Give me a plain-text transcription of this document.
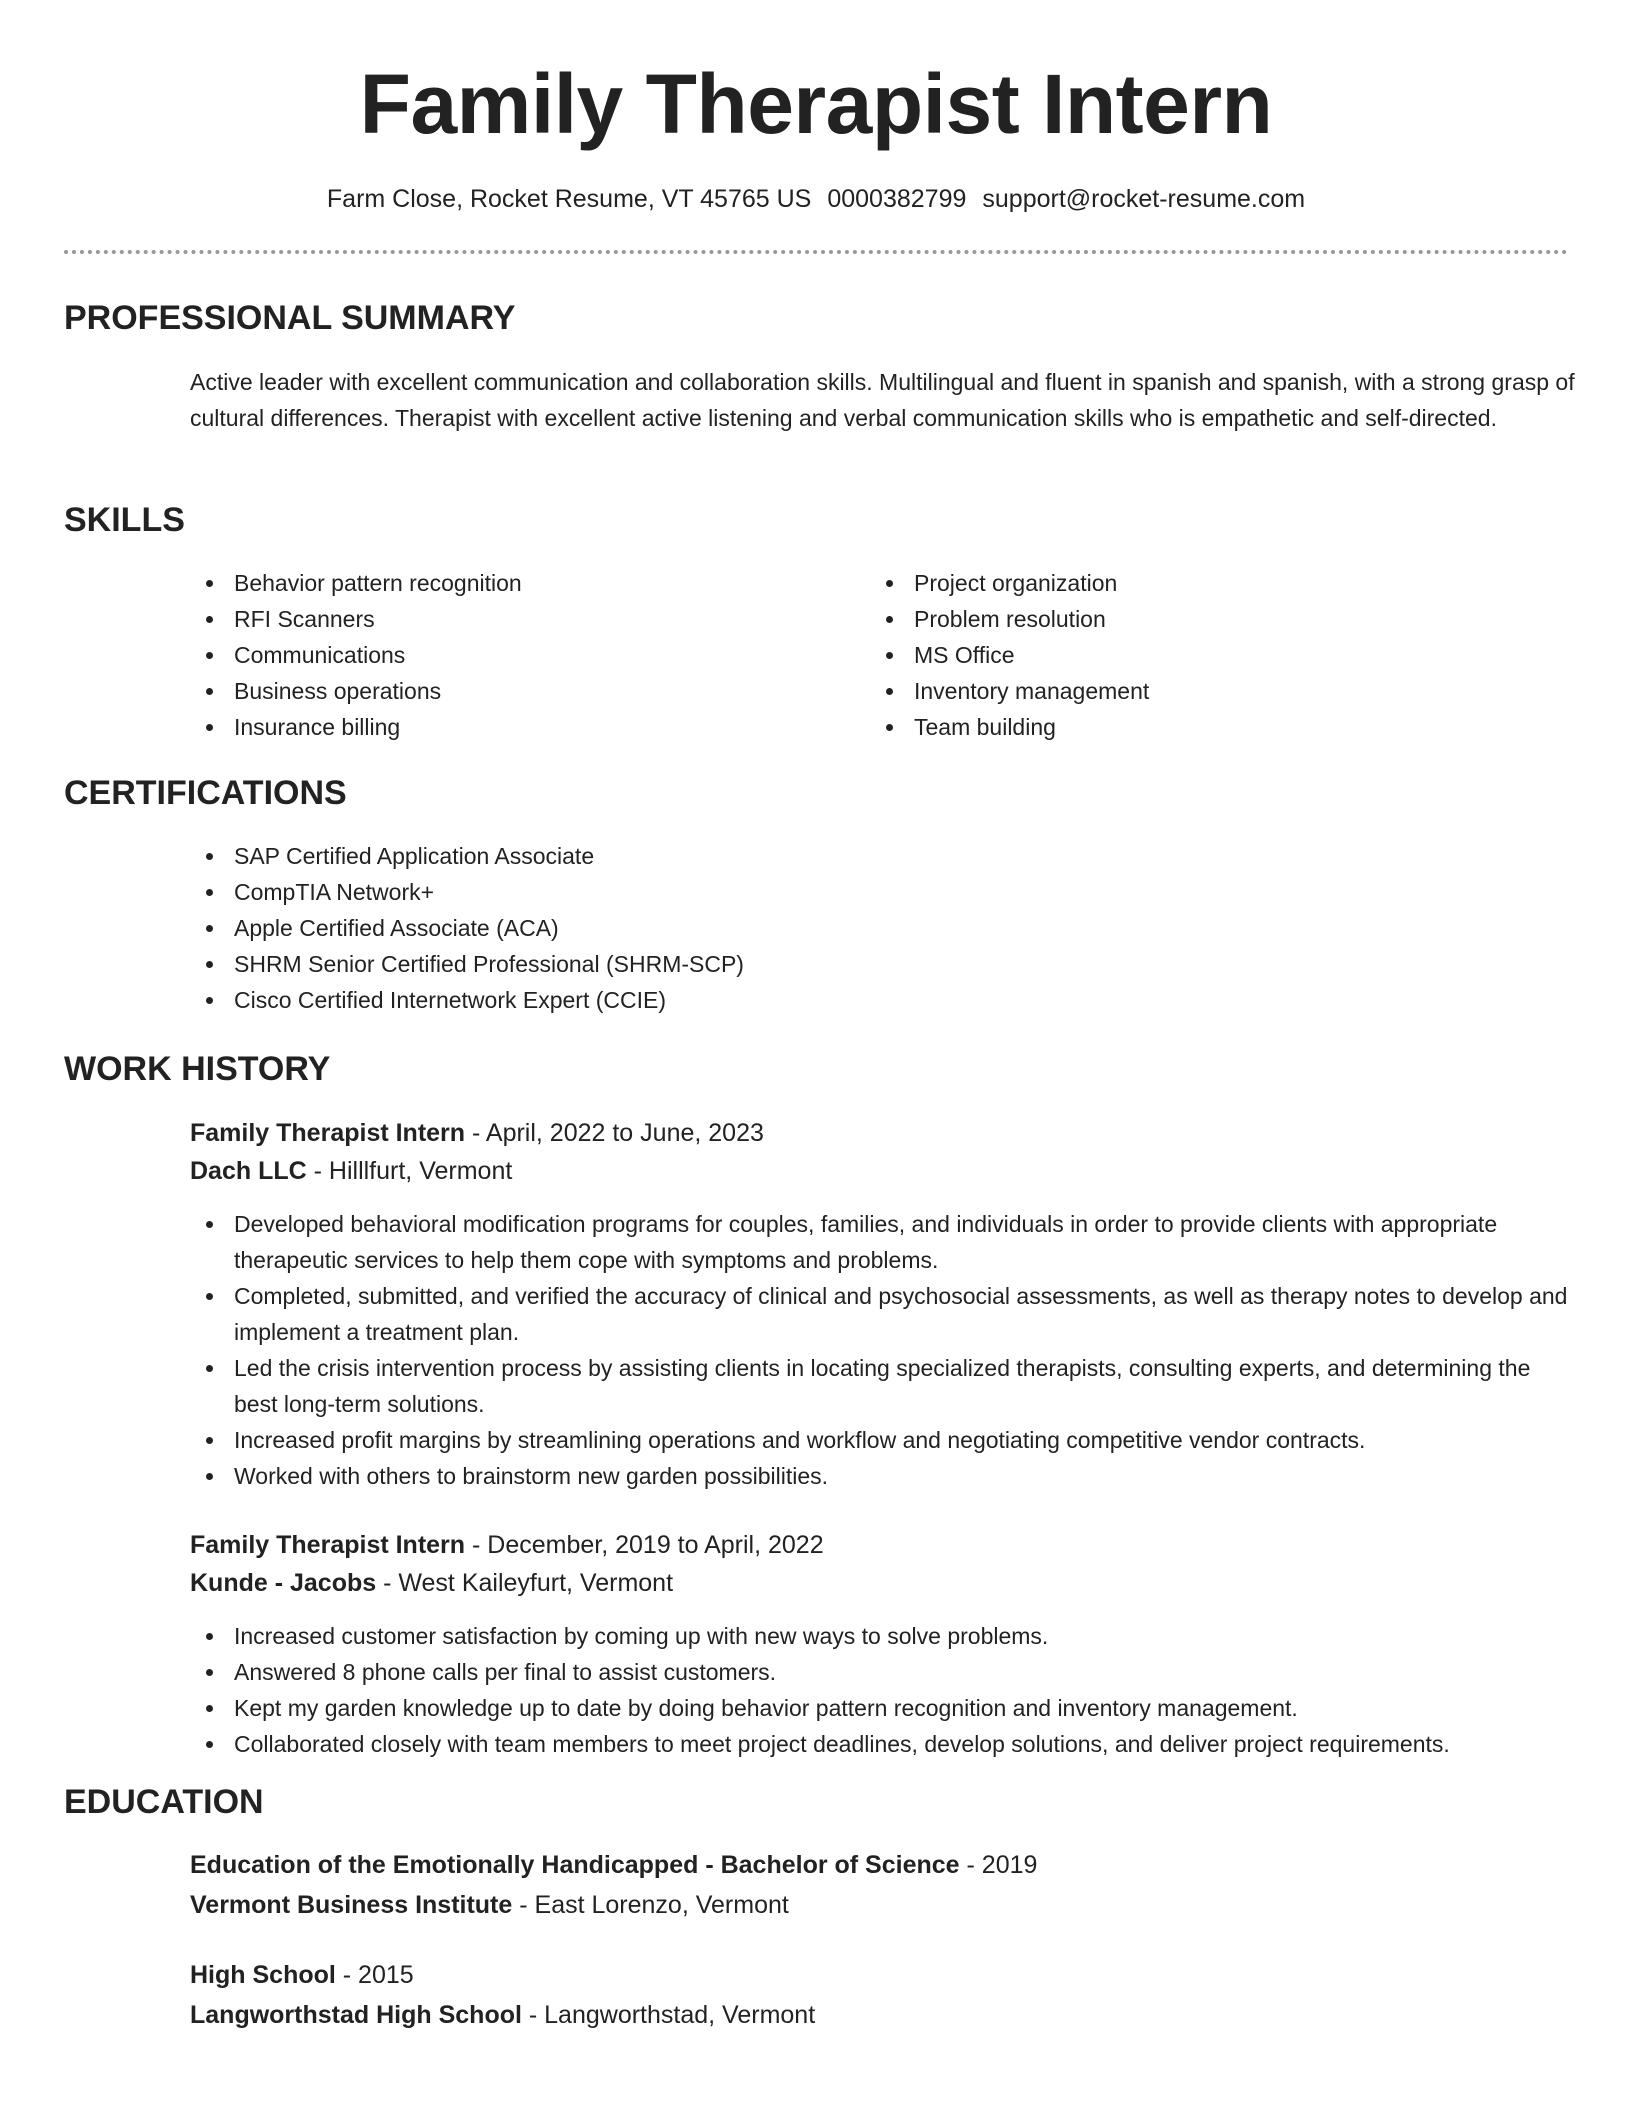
Family Therapist Intern
Farm Close, Rocket Resume, VT 45765 US 0000382799 support@rocket-resume.com
PROFESSIONAL SUMMARY

Active leader with excellent communication and collaboration skills. Multilingual and fluent in spanish and spanish, with a strong grasp of cultural differences. Therapist with excellent active listening and verbal communication skills who is empathetic and self-directed.

SKILLS
Behavior pattern recognition
RFI Scanners
Communications
Business operations
Insurance billing
Project organization
Problem resolution
MS Office
Inventory management
Team building
CERTIFICATIONS
SAP Certified Application Associate
CompTIA Network+
Apple Certified Associate (ACA)
SHRM Senior Certified Professional (SHRM-SCP)
Cisco Certified Internetwork Expert (CCIE)
WORK HISTORY
Family Therapist Intern - April, 2022 to June, 2023
Dach LLC - Hilllfurt, Vermont
Developed behavioral modification programs for couples, families, and individuals in order to provide clients with appropriate therapeutic services to help them cope with symptoms and problems.
Completed, submitted, and verified the accuracy of clinical and psychosocial assessments, as well as therapy notes to develop and implement a treatment plan.
Led the crisis intervention process by assisting clients in locating specialized therapists, consulting experts, and determining the best long-term solutions.
Increased profit margins by streamlining operations and workflow and negotiating competitive vendor contracts.
Worked with others to brainstorm new garden possibilities.
Family Therapist Intern - December, 2019 to April, 2022
Kunde - Jacobs - West Kaileyfurt, Vermont
Increased customer satisfaction by coming up with new ways to solve problems.
Answered 8 phone calls per final to assist customers.
Kept my garden knowledge up to date by doing behavior pattern recognition and inventory management.
Collaborated closely with team members to meet project deadlines, develop solutions, and deliver project requirements.
EDUCATION
Education of the Emotionally Handicapped - Bachelor of Science - 2019
Vermont Business Institute - East Lorenzo, Vermont
High School - 2015
Langworthstad High School - Langworthstad, Vermont
